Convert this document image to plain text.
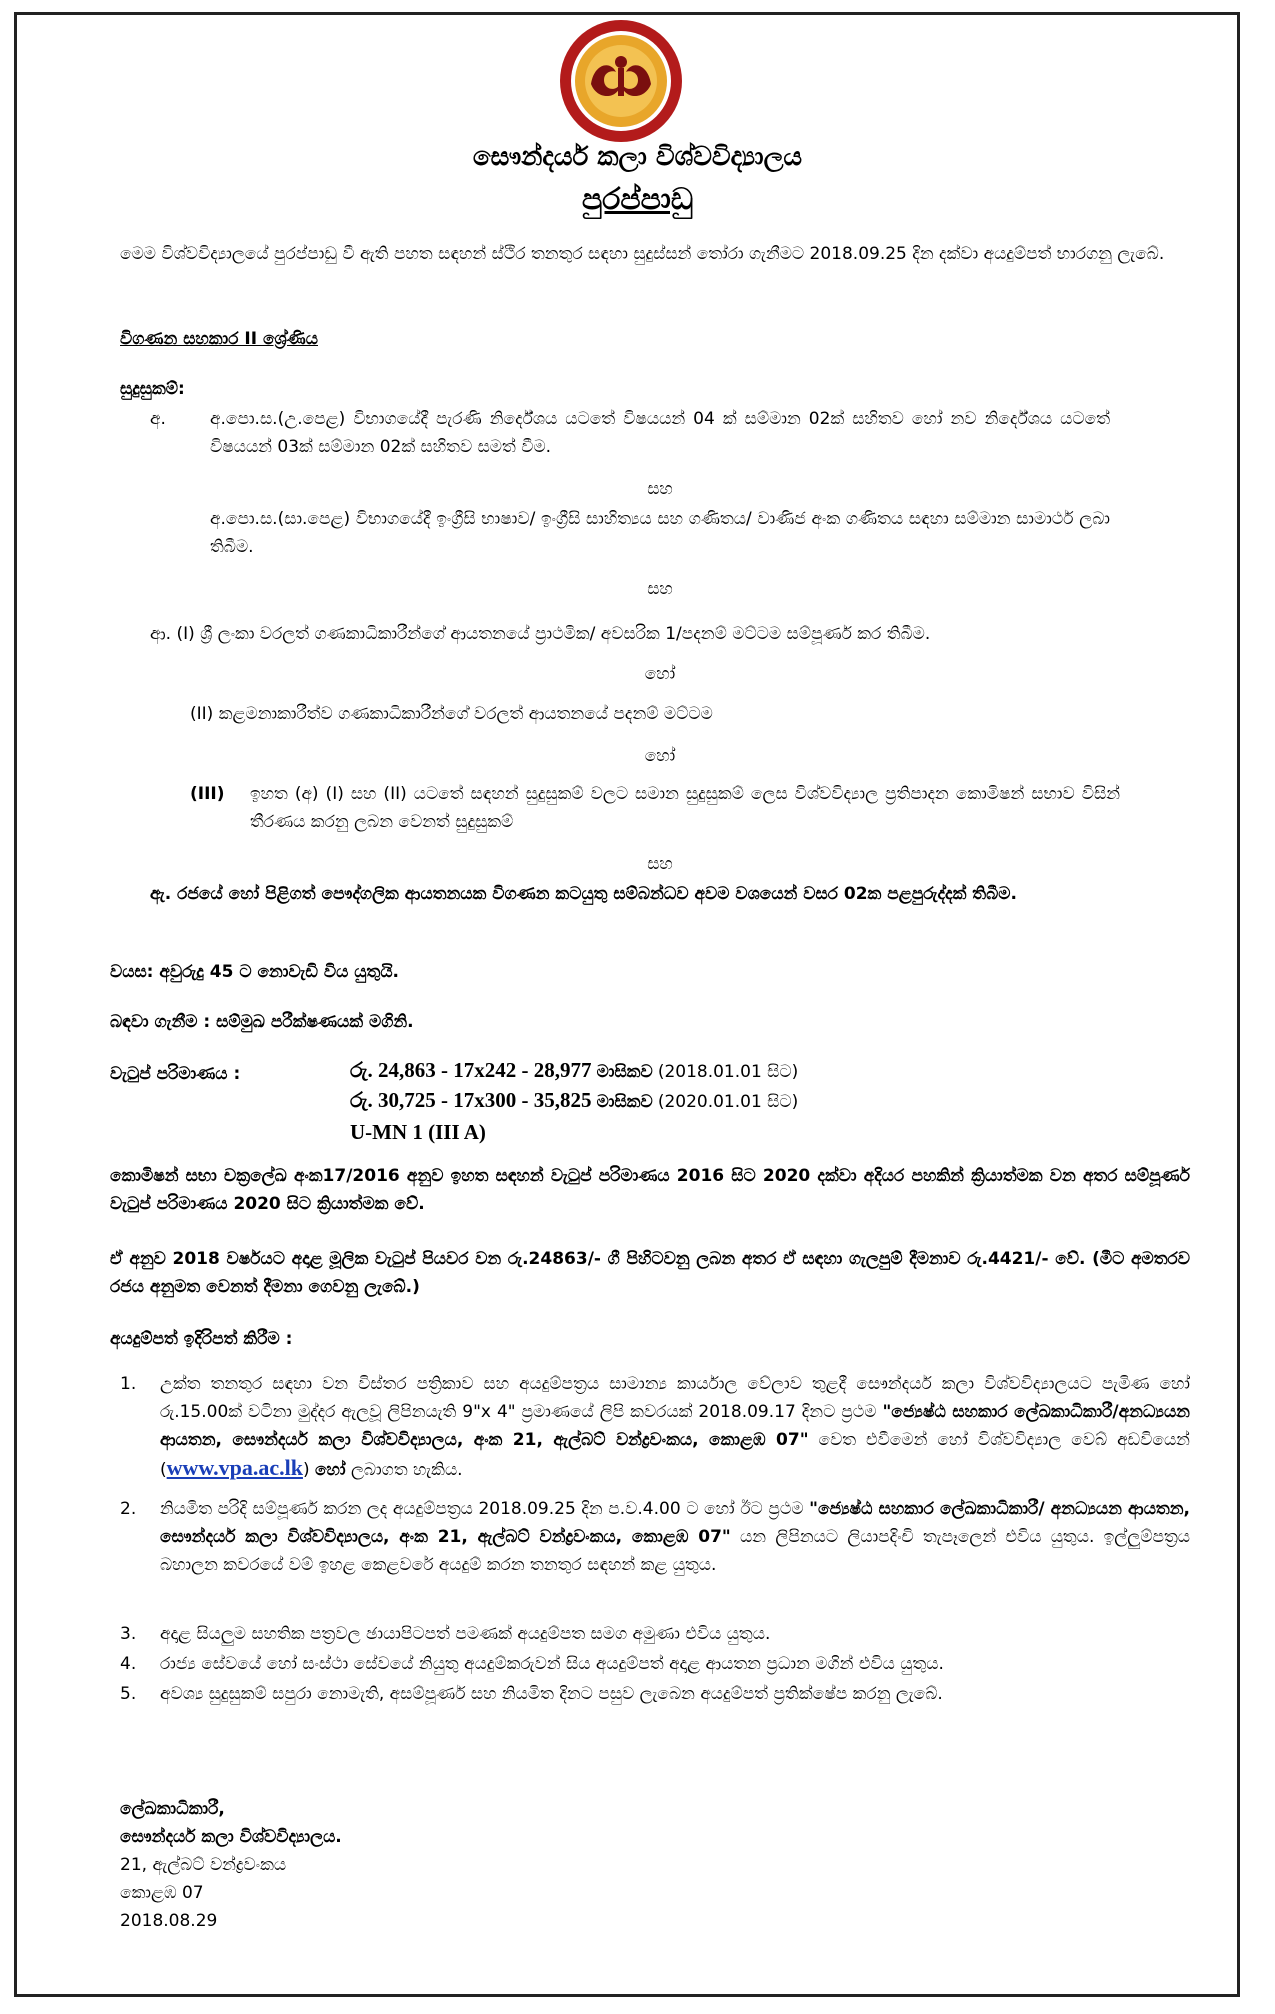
සෞන්දර්ය කලා විශ්වවිද්‍යාලය

පුරප්පාඩු

මෙම විශ්වවිද්‍යාලයේ පුරප්පාඩු වී ඇති පහත සඳහන් ස්ථිර තනතුර සඳහා සුදුස්සන් තෝරා ගැනීමට 2018.09.25 දින දක්වා අයදුම්පත් භාරගනු ලැබේ.

විගණන සහකාර II ශ්‍රේණිය

සුදුසුකම්:

අ.	අ.පො.ස.(උ.පෙළ) විභාගයේදී පැරණි නිර්දේශය යටතේ විෂයයන් 04 ක් සම්මාන 02ක් සහිතව හෝ නව නිර්දේශය යටතේ විෂයයන් 03ක් සම්මාන 02ක් සහිතව සමත් වීම.

සහ

අ.පො.ස.(සා.පෙළ) විභාගයේදී ඉංග්‍රීසි භාෂාව/ ඉංග්‍රීසි සාහිත්‍යය සහ ගණිතය/ වාණිජ අංක ගණිතය සඳහා සම්මාන සාමාර්ථ ලබා තිබීම.

සහ

ආ. (I) ශ්‍රී ලංකා වරලත් ගණකාධිකාරීන්ගේ ආයතනයේ ප්‍රාථමික/ අවසරික 1/පදනම් මට්ටම සම්පූර්ණ කර තිබීම.

හෝ

(II) කළමනාකාරීත්ව ගණකාධිකාරීන්ගේ වරලත් ආයතනයේ පදනම් මට්ටම

හෝ

(III) ඉහත (අ) (I) සහ (II) යටතේ සඳහන් සුදුසුකම් වලට සමාන සුදුසුකම් ලෙස විශ්වවිද්‍යාල ප්‍රතිපාදන කොමිෂන් සභාව විසින් තීරණය කරනු ලබන වෙනත් සුදුසුකම්

සහ

ඇ. රජයේ හෝ පිළිගත් පෞද්ගලික ආයතනයක විගණන කටයුතු සම්බන්ධව අවම වශයෙන් වසර 02ක පළපුරුද්දක් තිබීම.

වයස: අවුරුදු 45 ට නොවැඩි විය යුතුයි.

බඳවා ගැනීම : සම්මුඛ පරීක්ෂණයක් මගිනි.

වැටුප් පරිමාණය :	රු. 24,863 - 17x242 - 28,977 මාසිකව (2018.01.01 සිට)
රු. 30,725 - 17x300 - 35,825 මාසිකව (2020.01.01 සිට)

U-MN 1 (III A)

කොමිෂන් සභා චක්‍රලේඛ අංක17/2016 අනුව ඉහත සඳහන් වැටුප් පරිමාණය 2016 සිට 2020 දක්වා අදියර පහකින් ක්‍රියාත්මක වන අතර සම්පූර්ණ වැටුප් පරිමාණය 2020 සිට ක්‍රියාත්මක වේ.

ඒ අනුව 2018 වර්ෂයට අදාළ මූලික වැටුප් පියවර වන රු.24863/- ගී පිහිටවනු ලබන අතර ඒ සඳහා ගැලපුම් දීමනාව රු.4421/- වේ. (මීට අමතරව රජය අනුමත වෙනත් දීමනා ගෙවනු ලැබේ.)

අයදුම්පත් ඉදිරිපත් කිරීම :

1. උක්ත තනතුර සඳහා වන විස්තර පත්‍රිකාව සහ අයදුම්පත්‍රය සාමාන්‍ය කාර්යාල වේලාව තුළදී සෞන්දර්ය කලා විශ්වවිද්‍යාලයට පැමිණ හෝ රු.15.00ක් වටිනා මුද්දර ඇලවූ ලිපිනයැති 9"x 4" ප්‍රමාණයේ ලිපි කවරයක් 2018.09.17 දිනට ප්‍රථම "ජ්‍යෙෂ්ඨ සහකාර ලේඛකාධිකාරී/අනධ්‍යයන ආයතන, සෞන්දර්ය කලා විශ්වවිද්‍යාලය, අංක 21, ඇල්බට් වන්ද්‍රවංකය, කොළඹ 07" වෙත එවීමෙන් හෝ විශ්වවිද්‍යාල වෙබ් අඩවියෙන් (www.vpa.ac.lk) හෝ ලබාගත හැකිය.
2. නියමිත පරිදි සම්පූර්ණ කරන ලද අයදුම්පත්‍රය 2018.09.25 දින ප.ව.4.00 ට හෝ ඊට ප්‍රථම "ජ්‍යෙෂ්ඨ සහකාර ලේඛකාධිකාරී/ අනධ්‍යයන ආයතන, සෞන්දර්ය කලා විශ්වවිද්‍යාලය, අංක 21, ඇල්බට් වන්ද්‍රවංකය, කොළඹ 07" යන ලිපිනයට ලියාපදිංචි තැපෑලෙන් එවිය යුතුය. ඉල්ලුම්පත්‍රය බහාලන කවරයේ වම් ඉහළ කෙළවරේ අයදුම් කරන තනතුර සඳහන් කළ යුතුය.
3. අදාළ සියලුම සහතික පත්‍රවල ඡායාපිටපත් පමණක් අයදුම්පත සමග අමුණා එවිය යුතුය.
4. රාජ්‍ය සේවයේ හෝ සංස්ථා සේවයේ නියුතු අයදුම්කරුවන් සිය අයදුම්පත් අදාළ ආයතන ප්‍රධාන මගින් එවිය යුතුය.
5. අවශ්‍ය සුදුසුකම් සපුරා නොමැති, අසම්පූර්ණ සහ නියමිත දිනට පසුව ලැබෙන අයදුම්පත් ප්‍රතික්ෂේප කරනු ලැබේ.
ලේඛකාධිකාරී,
සෞන්දර්ය කලා විශ්වවිද්‍යාලය.
21, ඇල්බට් වන්ද්‍රවංකය
කොළඹ 07
2018.08.29
